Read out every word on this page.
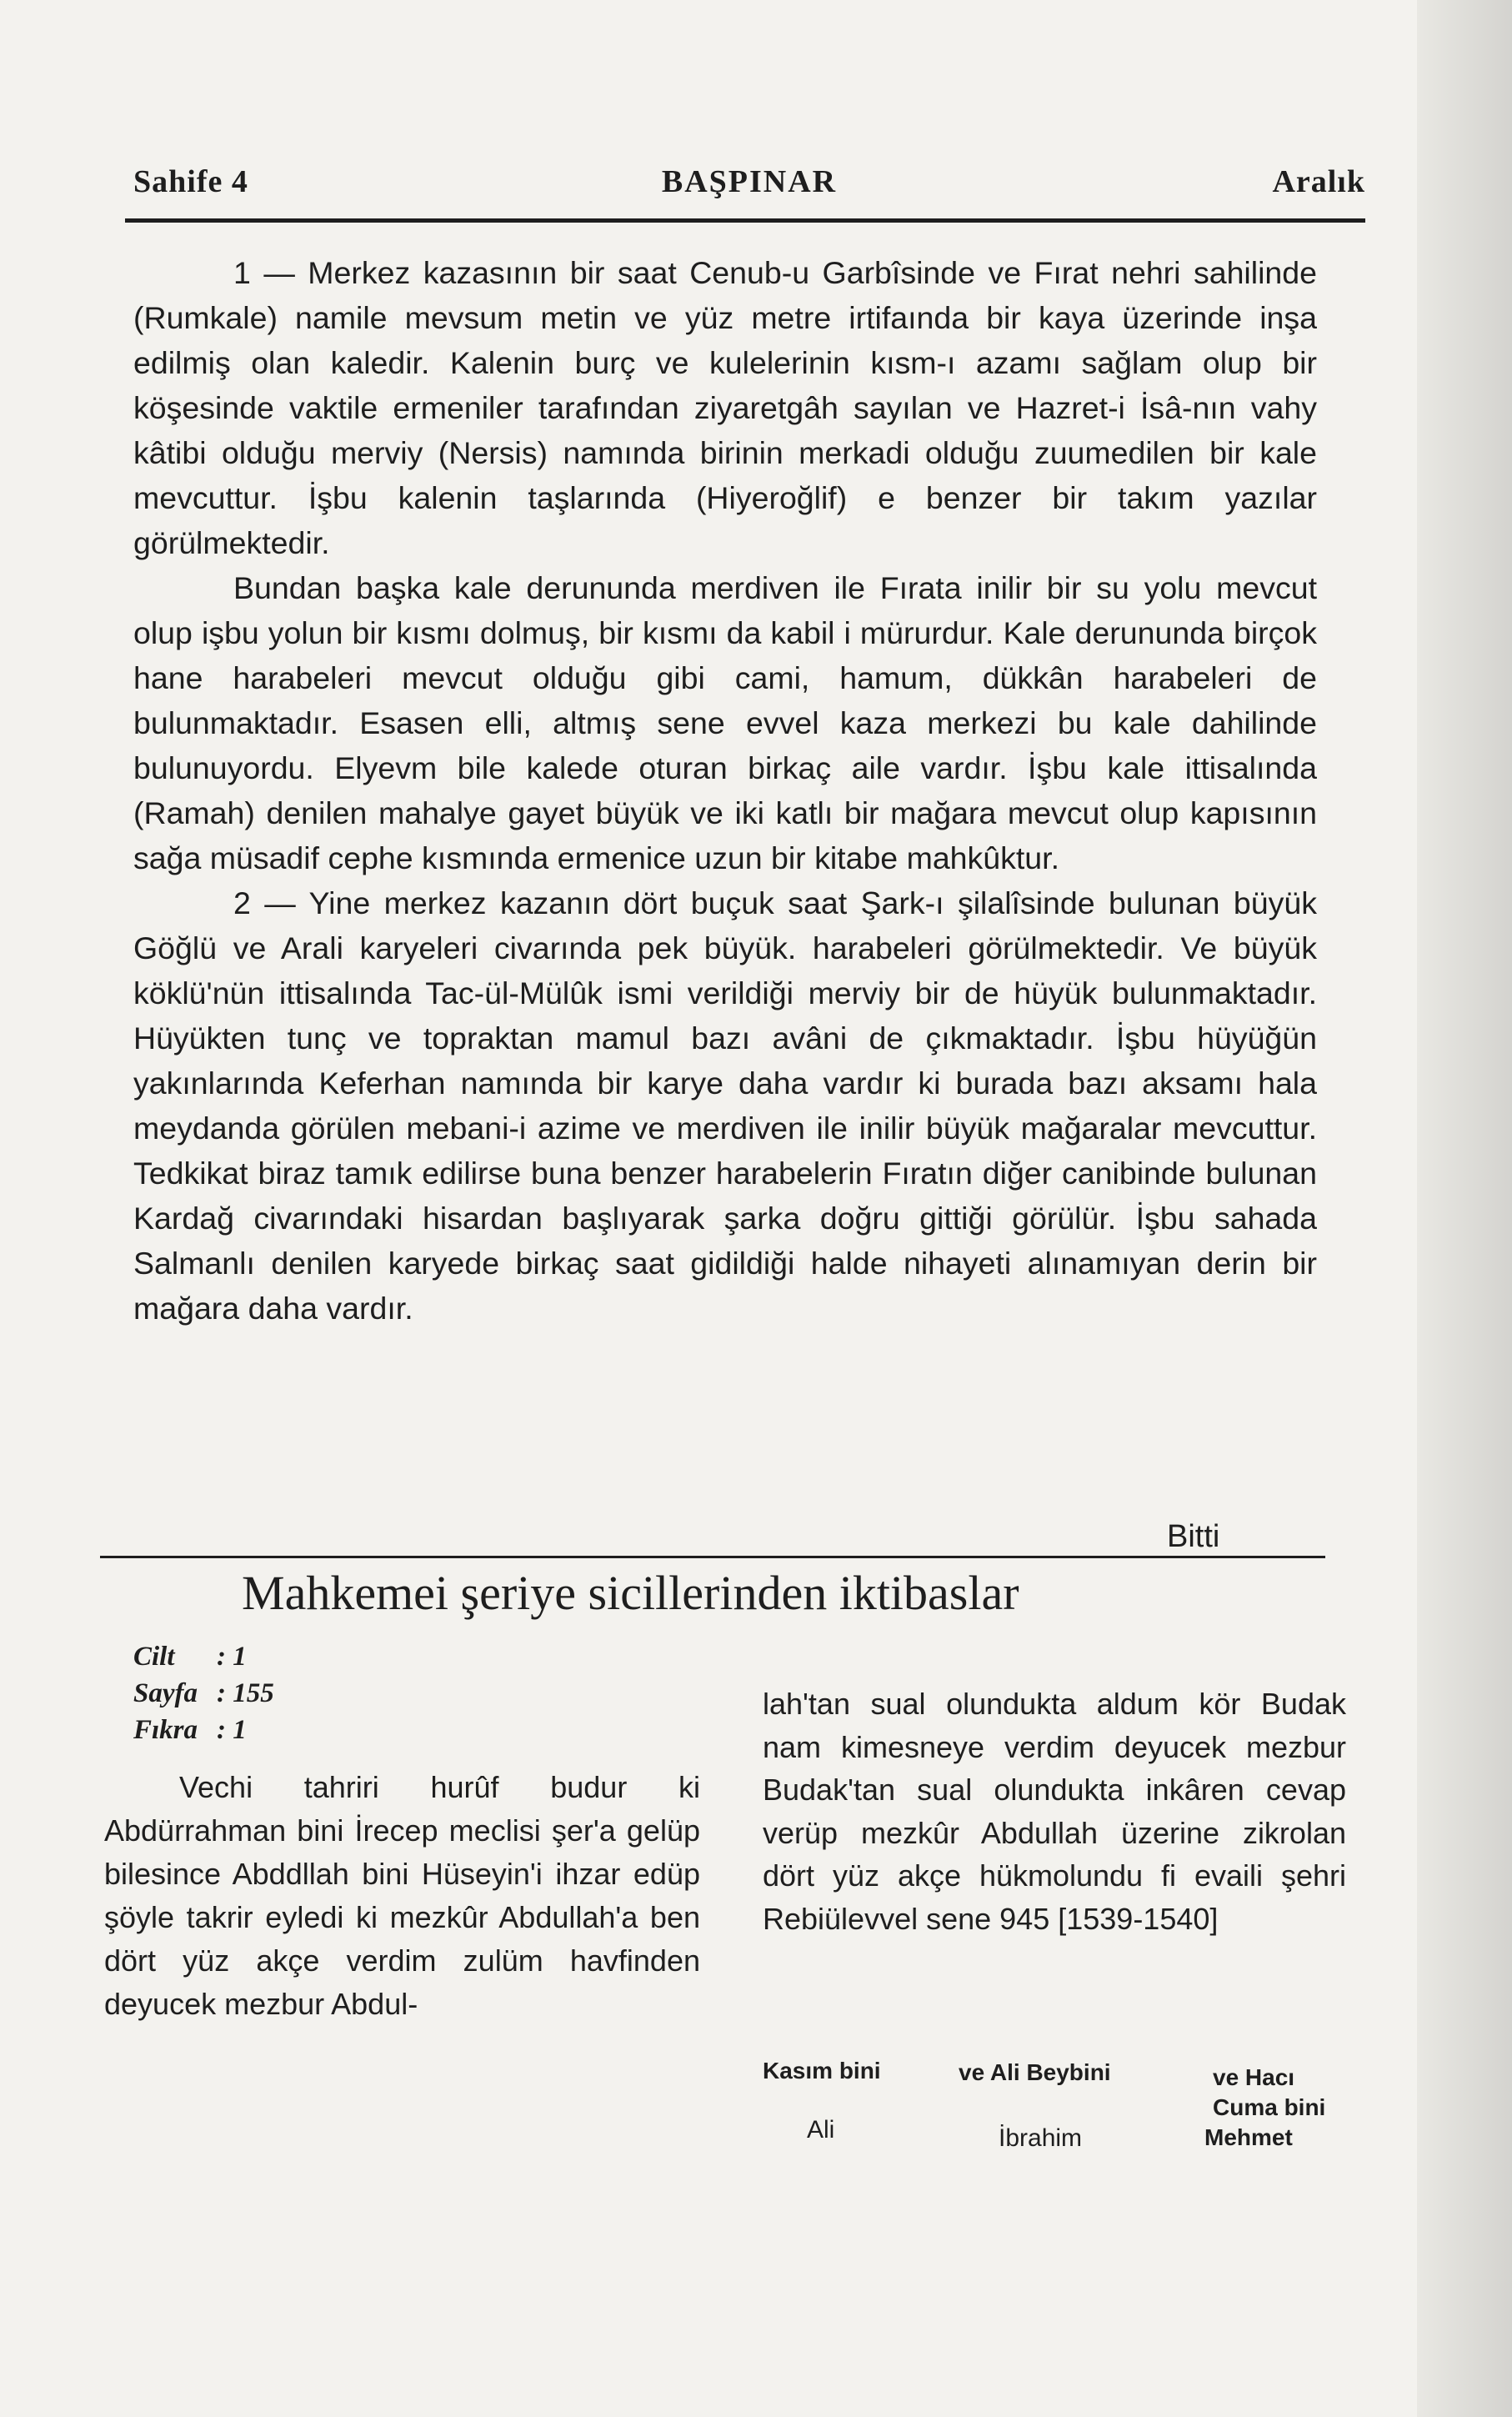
Sahife 4	BAŞPINAR	Aralık

1 — Merkez kazasının bir saat Cenub-u Garbîsinde ve Fırat nehri sahilinde (Rumkale) namile mevsum metin ve yüz metre irtifaında bir kaya üzerinde inşa edilmiş olan kaledir. Kalenin burç ve kulelerinin kısm-ı azamı sağlam olup bir köşesinde vaktile ermeniler tarafından ziyaretgâh sayılan ve Hazret-i İsâ-nın vahy kâtibi olduğu merviy (Nersis) namında birinin merkadi olduğu zuumedilen bir kale mevcuttur. İşbu kalenin taşlarında (Hiyeroğlif) e benzer bir takım yazılar görülmektedir.

Bundan başka kale derununda merdiven ile Fırata inilir bir su yolu mevcut olup işbu yolun bir kısmı dolmuş, bir kısmı da kabil i mürurdur. Kale derununda birçok hane harabeleri mevcut olduğu gibi cami, hamum, dükkân harabeleri de bulunmaktadır. Esasen elli, altmış sene evvel kaza merkezi bu kale dahilinde bulunuyordu. Elyevm bile kalede oturan birkaç aile vardır. İşbu kale ittisalında (Ramah) denilen mahalye gayet büyük ve iki katlı bir mağara mevcut olup kapısının sağa müsadif cephe kısmında ermenice uzun bir kitabe mahkûktur.

2 — Yine merkez kazanın dört buçuk saat Şark-ı şilalîsinde bulunan büyük Göğlü ve Arali karyeleri civarında pek büyük. harabeleri görülmektedir. Ve büyük köklü'nün ittisalında Tac-ül-Mülûk ismi verildiği merviy bir de hüyük bulunmaktadır. Hüyükten tunç ve topraktan mamul bazı avâni de çıkmaktadır. İşbu hüyüğün yakınlarında Keferhan namında bir karye daha vardır ki burada bazı aksamı hala meydanda görülen mebani-i azime ve merdiven ile inilir büyük mağaralar mevcuttur. Tedkikat biraz tamık edilirse buna benzer harabelerin Fıratın diğer canibinde bulunan Kardağ civarındaki hisardan başlıyarak şarka doğru gittiği görülür. İşbu sahada Salmanlı denilen karyede birkaç saat gidildiği halde nihayeti alınamıyan derin bir mağara daha vardır.

Bitti
Mahkemei şeriye sicillerinden iktibaslar
Cilt : 1
Sayfa : 155
Fıkra : 1
Vechi tahriri hurûf budur ki Abdürrahman bini İrecep meclisi şer'a gelüp bilesince Abddllah bini Hüseyin'i ihzar edüp şöyle takrir eyledi ki mezkûr Abdullah'a ben dört yüz akçe verdim zulüm havfinden deyucek mezbur Abdul-
lah'tan sual olundukta aldum kör Budak nam kimesneye verdim deyucek mezbur Budak'tan sual olundukta inkâren cevap verüp mezkûr Abdullah üzerine zikrolan dört yüz akçe hükmolundu fi evaili şehri Rebiülevvel sene 945 [1539-1540]
Kasım bini	ve Ali Beybini	ve Hacı
Cuma bini
Ali	İbrahim	Mehmet
